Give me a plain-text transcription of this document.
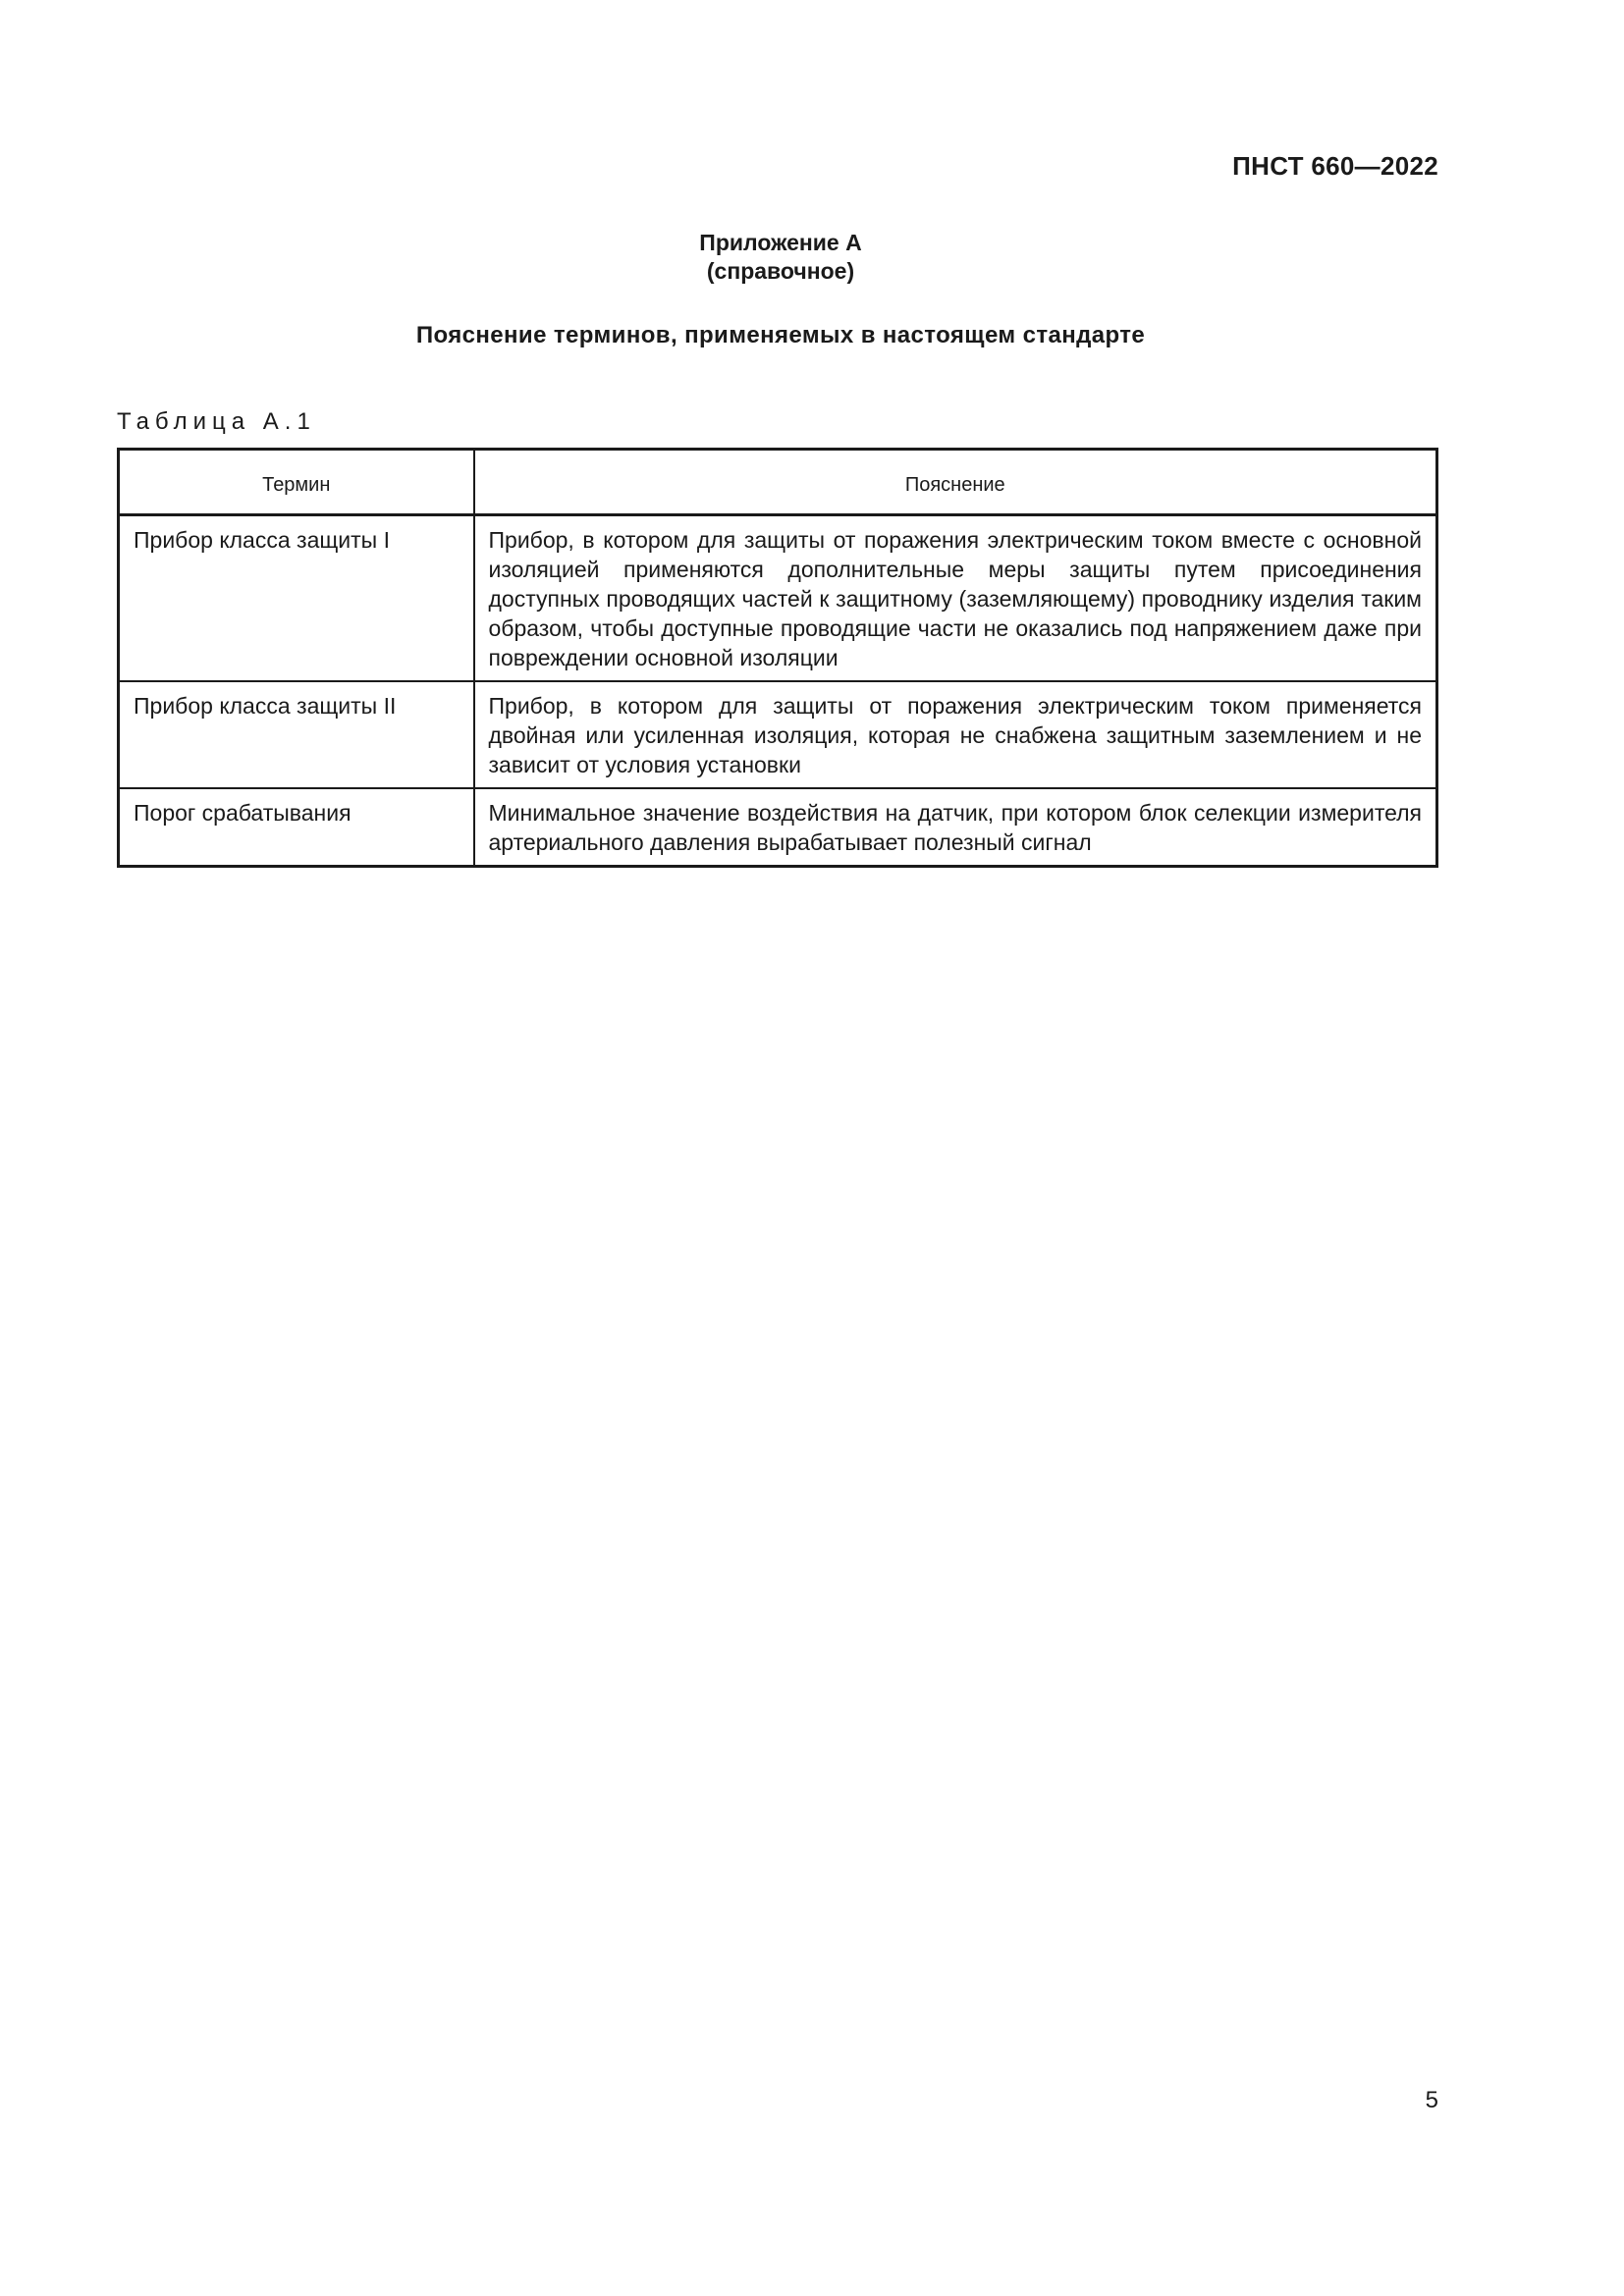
ПНСТ 660—2022
Приложение А
(справочное)
Пояснение терминов, применяемых в настоящем стандарте
Таблица А.1
Термин	Пояснение
Прибор класса защиты I	Прибор, в котором для защиты от поражения электрическим током вместе с основной изоляцией применяются дополнительные меры защиты путем присоединения доступных проводящих частей к защитному (заземляющему) проводнику изделия таким образом, чтобы доступные проводящие части не оказались под напряжением даже при повреждении основной изоляции
Прибор класса защиты II	Прибор, в котором для защиты от поражения электрическим током применяется двойная или усиленная изоляция, которая не снабжена защитным заземлением и не зависит от условия установки
Порог срабатывания	Минимальное значение воздействия на датчик, при котором блок селекции измерителя артериального давления вырабатывает полезный сигнал
5
